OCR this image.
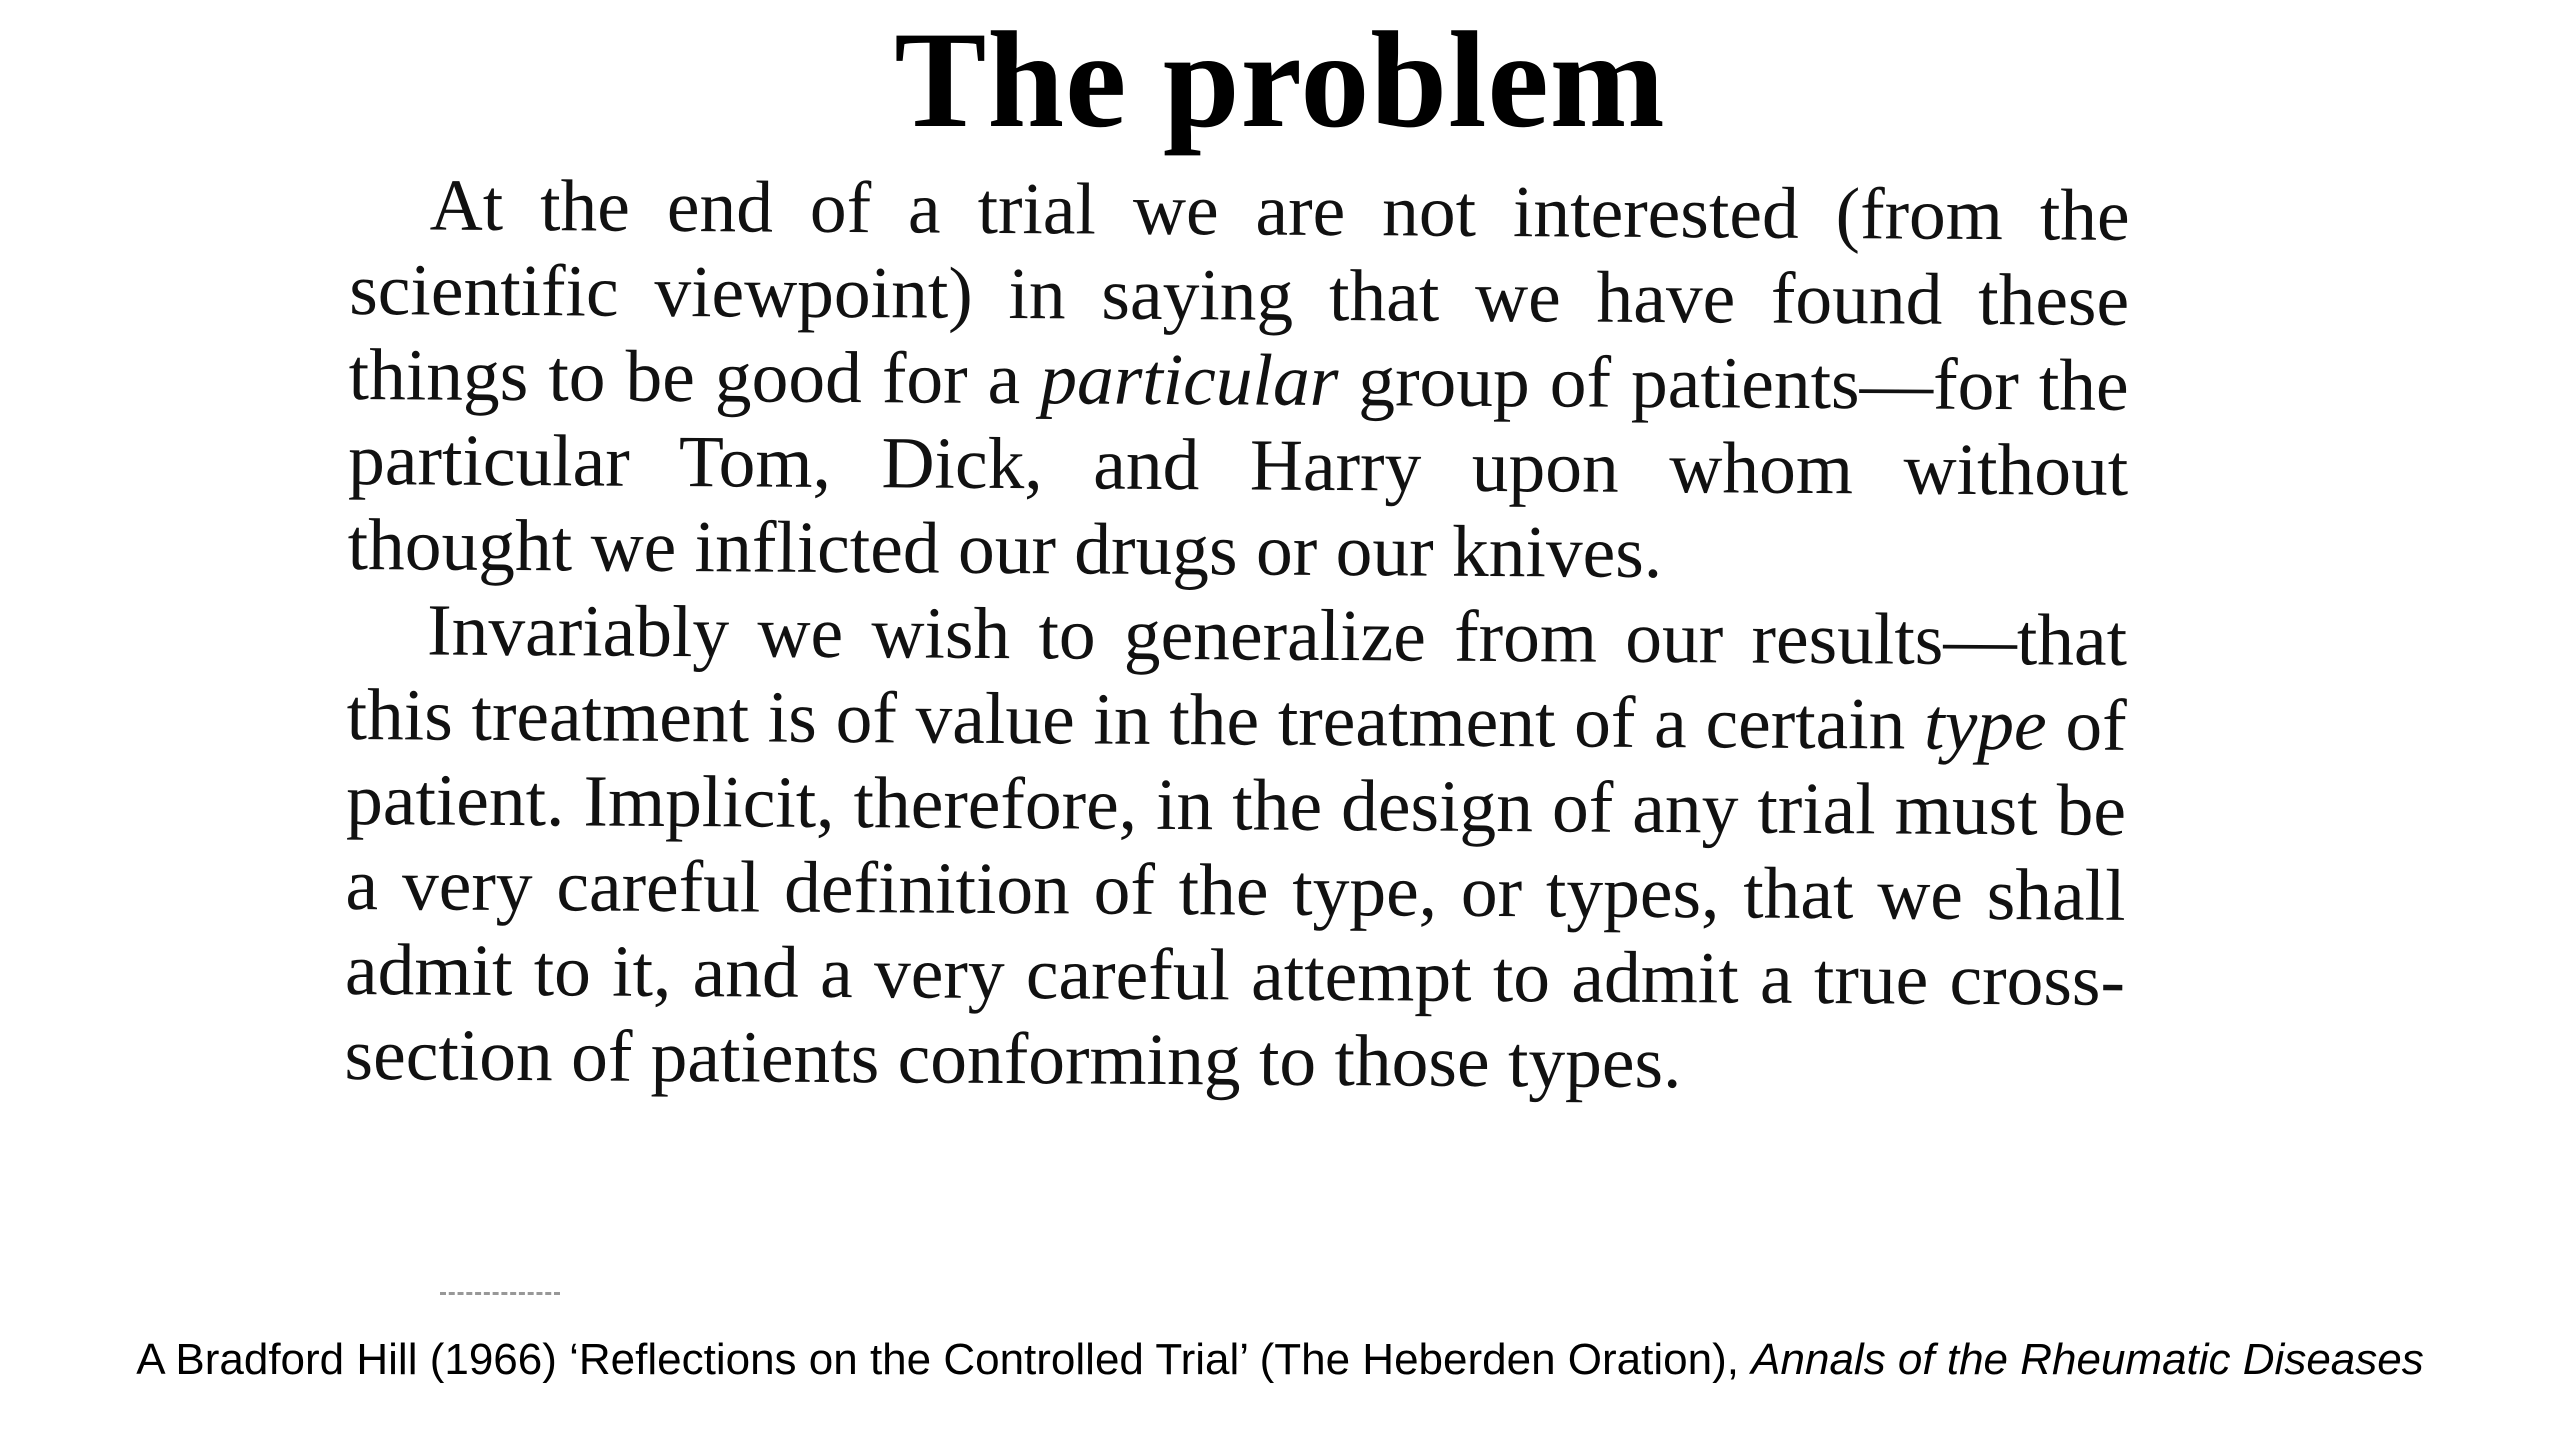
The problem

At the end of a trial we are not interested (from the scientific viewpoint) in saying that we have found these things to be good for a particular group of patients—for the particular Tom, Dick, and Harry upon whom without thought we inflicted our drugs or our knives.

Invariably we wish to generalize from our results—that this treatment is of value in the treatment of a certain type of patient. Implicit, therefore, in the design of any trial must be a very careful definition of the type, or types, that we shall admit to it, and a very careful attempt to admit a true cross-section of patients conforming to those types.

A Bradford Hill (1966) ‘Reflections on the Controlled Trial’ (The Heberden Oration), Annals of the Rheumatic Diseases
